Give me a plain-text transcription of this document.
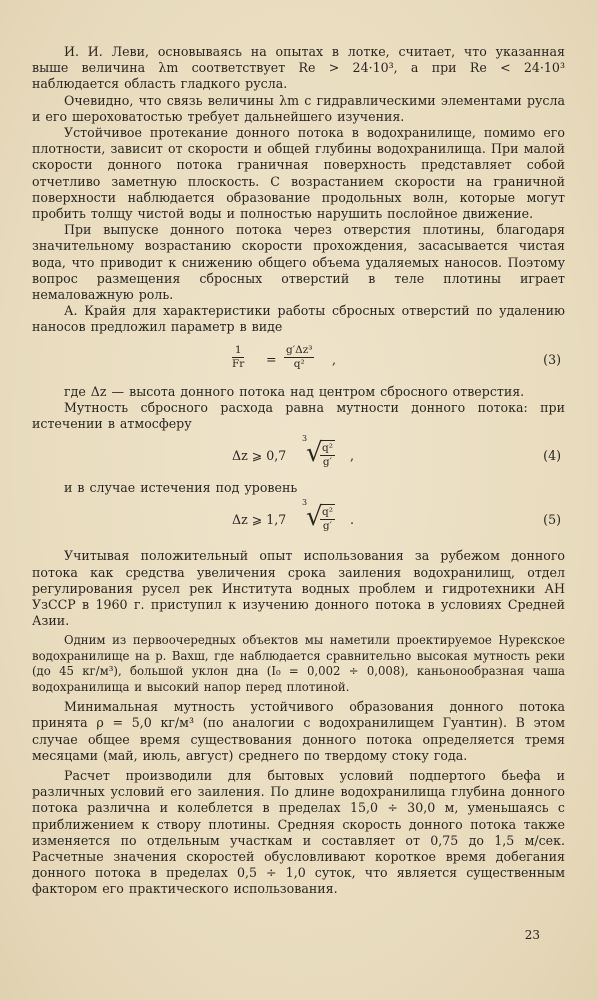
И. И. Леви, основываясь на опытах в лотке, считает, что указанная выше величина λm соответствует Re > 24·10³, а при Re < 24·10³ наблюдается область гладкого русла.

Очевидно, что связь величины λm с гидравлическими элементами русла и его шероховатостью требует дальнейшего изучения.

Устойчивое протекание донного потока в водохранилище, помимо его плотности, зависит от скорости и общей глубины водохранилища. При малой скорости донного потока граничная поверхность представляет собой отчетливо заметную плоскость. С возрастанием скорости на граничной поверхности наблюдается образование продольных волн, которые могут пробить толщу чистой воды и полностью нарушить послойное движение.

При выпуске донного потока через отверстия плотины, благодаря значительному возрастанию скорости прохождения, засасывается чистая вода, что приводит к снижению общего объема удаляемых наносов. Поэтому вопрос размещения сбросных отверстий в теле плотины играет немаловажную роль.

А. Крайя для характеристики работы сбросных отверстий по удалению наносов предложил параметр в виде

$\frac{1}{Fr} = \frac{\text{g′Δz³}}{\text{q²}}$ ,	(3)

где Δz — высота донного потока над центром сбросного отверстия.

Мутность сбросного расхода равна мутности донного потока: при истечении в атмосферу

Δz ⩾ 0,7
3
√
$\frac{\text{q²}}{g'}$ ,	(4)

и в случае истечения под уровень

Δz ⩾ 1,7
3
√
$\frac{\text{q²}}{g'}$ .	(5)

Учитывая положительный опыт использования за рубежом донного потока как средства увеличения срока заиления водохранилищ, отдел регулирования русел рек Института водных проблем и гидротехники АН УзССР в 1960 г. приступил к изучению донного потока в условиях Средней Азии.

Одним из первоочередных объектов мы наметили проектируемое Нурекское водохранилище на р. Вахш, где наблюдается сравнительно высокая мутность реки (до 45 кг/м³), большой уклон дна (I₀ = 0,002 ÷ 0,008), каньонообразная чаша водохранилища и высокий напор перед плотиной.

Минимальная мутность устойчивого образования донного потока принята ρ = 5,0 кг/м³ (по аналогии с водохранилищем Гуантин). В этом случае общее время существования донного потока определяется тремя месяцами (май, июль, август) среднего по твердому стоку года.

Расчет производили для бытовых условий подпертого бьефа и различных условий его заиления. По длине водохранилища глубина донного потока различна и колеблется в пределах 15,0 ÷ 30,0 м, уменьшаясь с приближением к створу плотины. Средняя скорость донного потока также изменяется по отдельным участкам и составляет от 0,75 до 1,5 м/сек. Расчетные значения скоростей обусловливают короткое время добегания донного потока в пределах 0,5 ÷ 1,0 суток, что является существенным фактором его практического использования.

23
